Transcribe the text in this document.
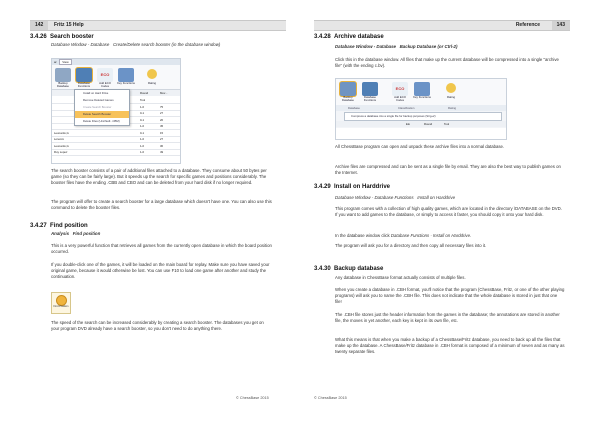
142	Fritz 15 Help
3.4.26 Search booster
Database Window - Database Create/Delete search booster (in the database window)
ar View
ECO
Backup Database
Database Functions
Add ECO Codes
Key Functions	Rating
Round	Mov...
Tool
1-0	75
0-1	27
0-1	20
1-0	45
Leonardo,G	0-1	15
Lorenzo	1-0	27
Leonardo,G	1-0	30
Ruy Lopez	1-0	49
Install on Hard Drive
Remove Deleted Games
Create Search Booster
Delete Search Booster
Delete Files (Unicfiedl...CBM)
The search booster consists of a pair of additional files attached to a database. They consume about 50 bytes per game (so they can be fairly large). But it speeds up the search for specific games and positions considerably. The booster files have the ending .CBB and CBO and can be deleted from your hard disk if no longer required.
The program will offer to create a search booster for a large database which doesn't have one. You can also use this command to delete the booster files.
3.4.27 Find position
Analysis Find position
This is a very powerful function that retrieves all games from the currently open database in which the board position occurred.
If you double-click one of the games, it will be loaded on the main board for replay. Make sure you have saved your original game, because it would otherwise be lost. You can use F10 to load one game after another and study the continuation.
Find Position
The speed of the search can be increased considerably by creating a search booster. The databases you get on your program DVD already have a search booster, so you don't need to do anything there.
© ChessBase 2015
Reference	143
3.4.28 Archive database
Database Window - Database Backup Database (or Ctrl-2)
Click this in the database window. All files that make up the current database will be compressed into a single "archive file" (with the ending c.bv).
ECO
Backup Database
Database Functions
Add ECO Codes
Key Functions	Rating
Database	Classification	Rating
Compress a database into a single file for backup purposes (Strg+2)
Elo	Round	Tool
All ChessBase program can open and unpack these archive files into a normal database.
Archive files are compressed and can be sent as a single file by email. They are also the best way to publish games on the Internet.
3.4.29 Install on Harddrive
Database Window - Database Functions Install on Harddrive
This program comes with a collection of high quality games, which are located in the directory \DATABASE on the DVD. If you want to add games to the database, or simply to access it faster, you should copy it onto your hard disk.
In the database window click Database Functions · Install on Harddrive.
The program will ask you for a directory and then copy all necessary files into it.
3.4.30 Backup database
Any database in ChessBase format actually consists of multiple files.
When you create a database in .CBH format, you'll notice that the program (ChessBase, Fritz, or one of the other playing programs) will ask you to name the .CBH file. This does not indicate that the whole database is stored in just that one file!
The .CBH file stores just the header information from the games in the database; the annotations are stored in another file, the moves in yet another, each key is kept in its own file, etc.
What this means is that when you make a backup of a ChessBase/Fritz database, you need to back up all the files that make up the database. A ChessBase/Fritz database in .CBH format is composed of a minimum of seven and as many as twenty separate files.
© ChessBase 2015
